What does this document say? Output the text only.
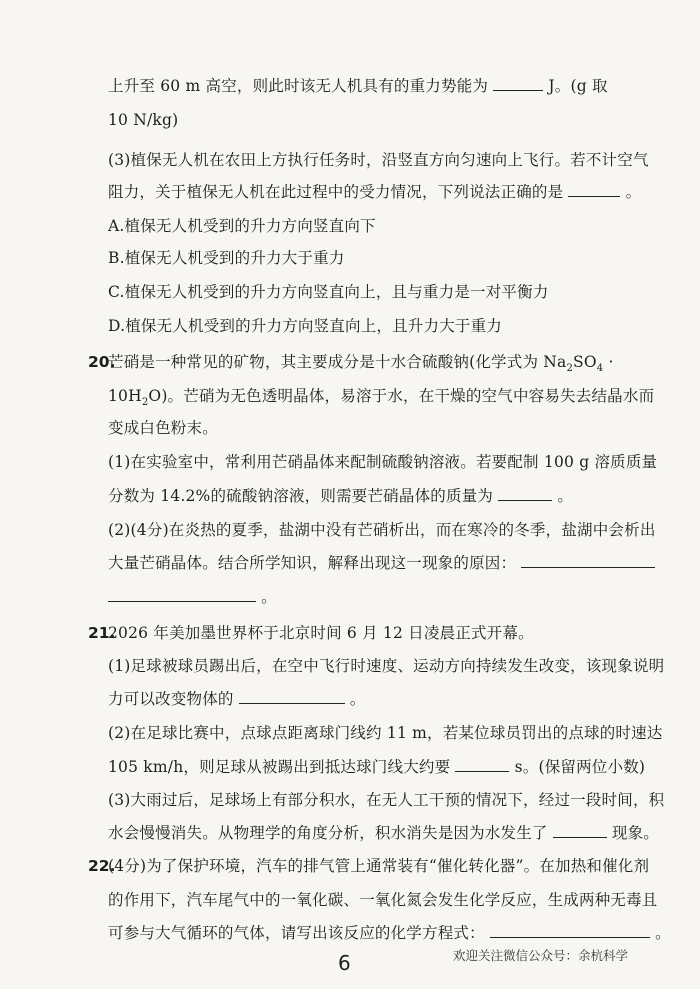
上升至 60 m 高空，则此时该无人机具有的重力势能为	J。(g 取
10 N/kg)
(3)植保无人机在农田上方执行任务时，沿竖直方向匀速向上飞行。若不计空气
阻力，关于植保无人机在此过程中的受力情况，下列说法正确的是	。
A.植保无人机受到的升力方向竖直向下
B.植保无人机受到的升力大于重力
C.植保无人机受到的升力方向竖直向上，且与重力是一对平衡力
D.植保无人机受到的升力方向竖直向上，且升力大于重力
20.
芒硝是一种常见的矿物，其主要成分是十水合硫酸钠(化学式为 $Na_2SO_4$ ·
$10H_2O$)。芒硝为无色透明晶体，易溶于水，在干燥的空气中容易失去结晶水而
变成白色粉末。
(1)在实验室中，常利用芒硝晶体来配制硫酸钠溶液。若要配制 100 g 溶质质量
分数为 14.2%的硫酸钠溶液，则需要芒硝晶体的质量为	。
(2)(4分)在炎热的夏季，盐湖中没有芒硝析出，而在寒冷的冬季，盐湖中会析出
大量芒硝晶体。结合所学知识，解释出现这一现象的原因：
。
21.
2026 年美加墨世界杯于北京时间 6 月 12 日凌晨正式开幕。
(1)足球被球员踢出后，在空中飞行时速度、运动方向持续发生改变，该现象说明
力可以改变物体的	。
(2)在足球比赛中，点球点距离球门线约 11 m，若某位球员罚出的点球的时速达
105 km/h，则足球从被踢出到抵达球门线大约要	s。(保留两位小数)
(3)大雨过后，足球场上有部分积水，在无人工干预的情况下，经过一段时间，积
水会慢慢消失。从物理学的角度分析，积水消失是因为水发生了	现象。
22.
(4分)为了保护环境，汽车的排气管上通常装有“催化转化器”。在加热和催化剂
的作用下，汽车尾气中的一氧化碳、一氧化氮会发生化学反应，生成两种无毒且
可参与大气循环的气体，请写出该反应的化学方程式：	。
6	欢迎关注微信公众号：余杭科学
